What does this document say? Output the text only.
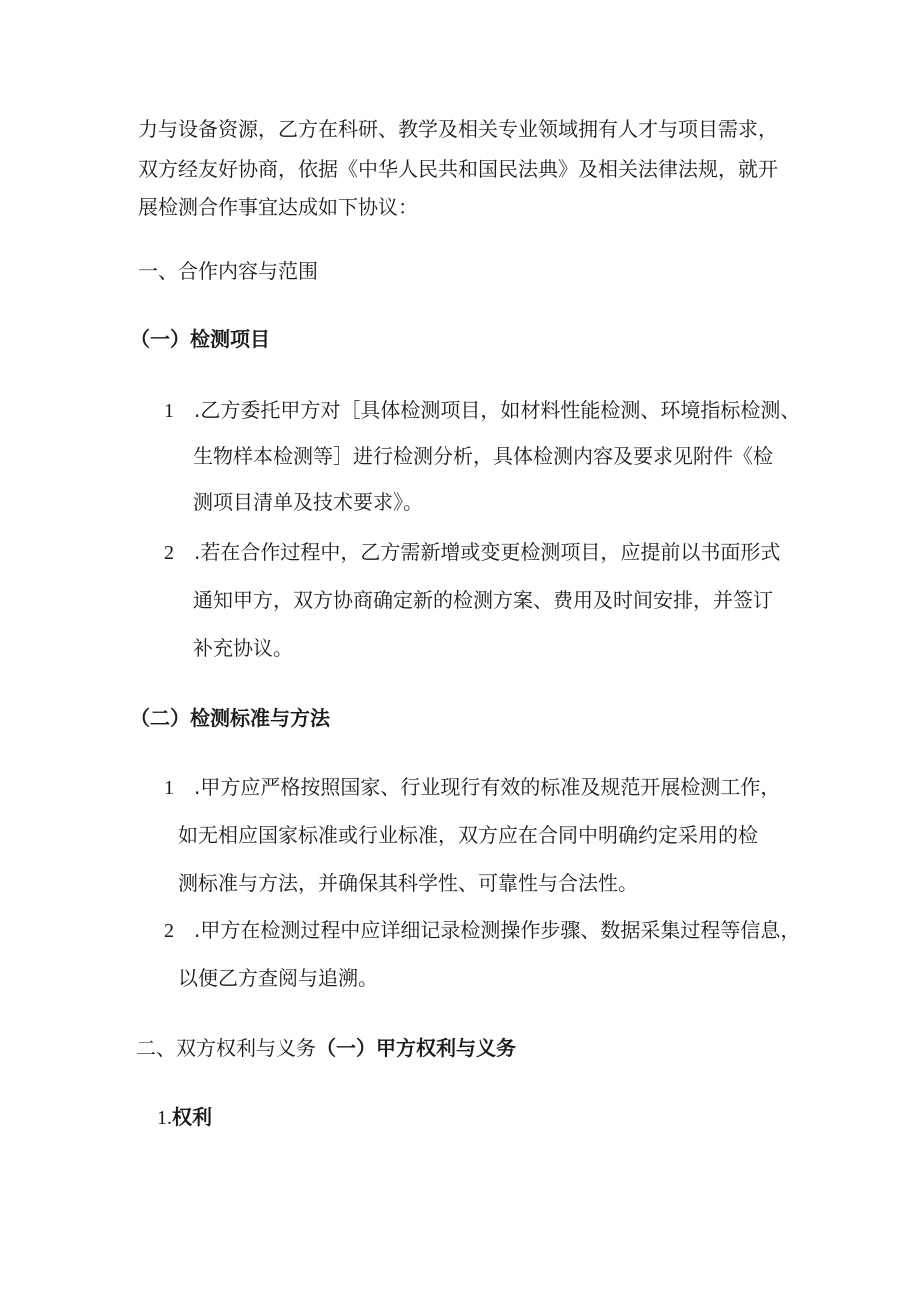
力与设备资源，乙方在科研、教学及相关专业领域拥有人才与项目需求，
双方经友好协商，依据《中华人民共和国民法典》及相关法律法规，就开
展检测合作事宜达成如下协议：
一、合作内容与范围
（一）检测项目
1 .乙方委托甲方对［具体检测项目，如材料性能检测、环境指标检测、
生物样本检测等］进行检测分析，具体检测内容及要求见附件《检
测项目清单及技术要求》。
2 .若在合作过程中，乙方需新增或变更检测项目，应提前以书面形式
通知甲方，双方协商确定新的检测方案、费用及时间安排，并签订
补充协议。
（二）检测标准与方法
1 .甲方应严格按照国家、行业现行有效的标准及规范开展检测工作，
如无相应国家标准或行业标准，双方应在合同中明确约定采用的检
测标准与方法，并确保其科学性、可靠性与合法性。
2 .甲方在检测过程中应详细记录检测操作步骤、数据采集过程等信息，
以便乙方查阅与追溯。
二、双方权利与义务（一）甲方权利与义务
1.权利
